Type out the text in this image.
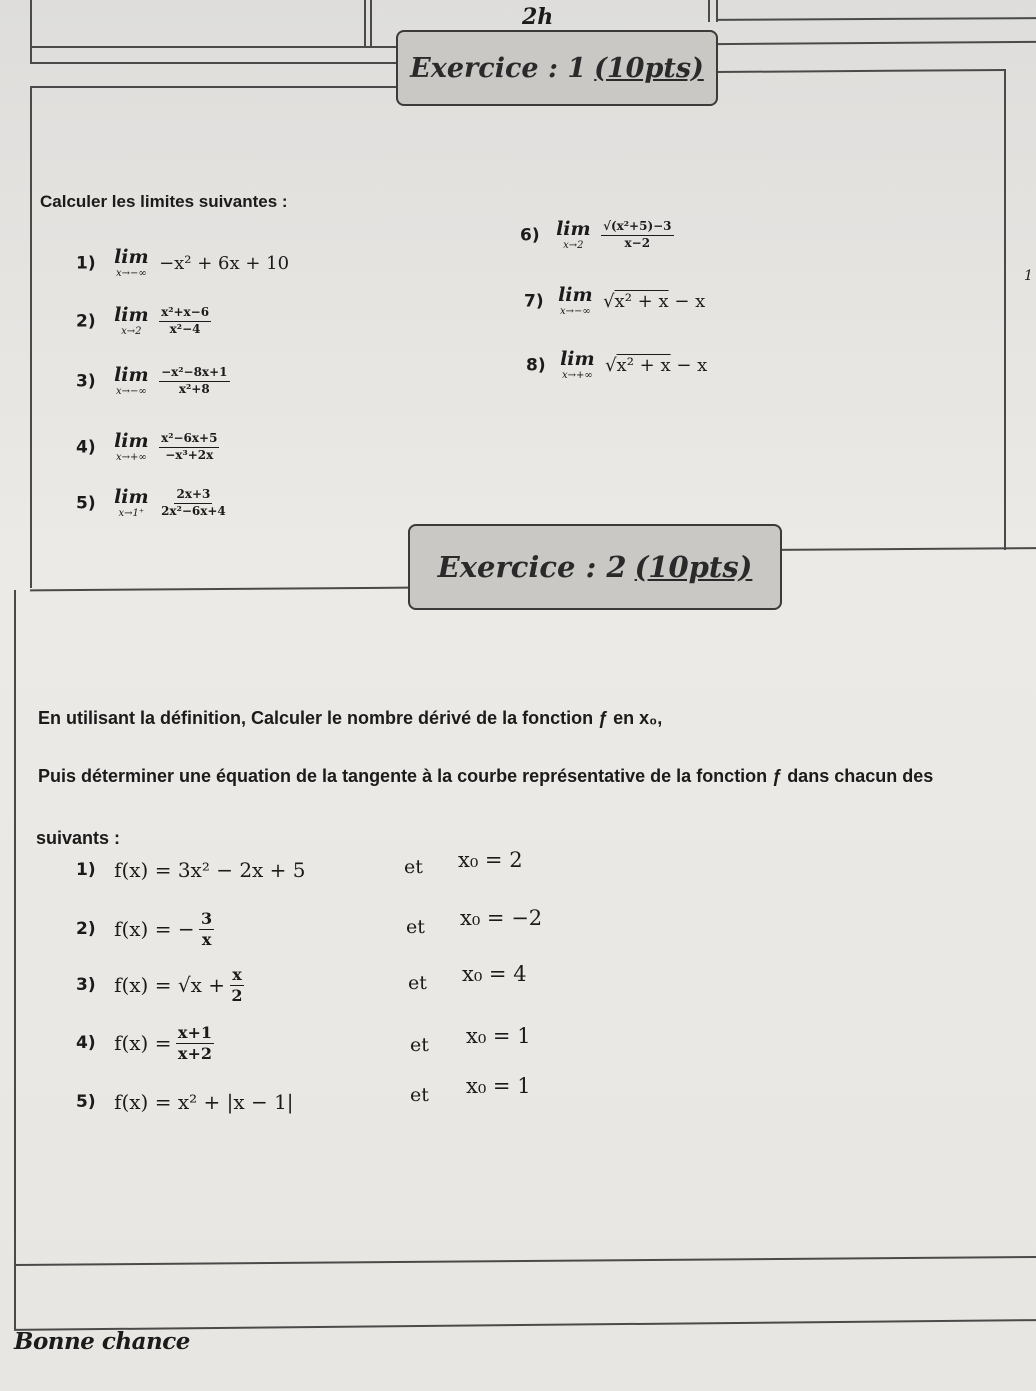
2h
Exercice : 1 (10pts)
Calculer les limites suivantes :
1
1) lim
x→−∞ −x² + 6x + 10
2) lim
x→2
$\frac{\text{x²+x−6}}{\text{x²−4}}$
3) lim
x→−∞
$\frac{\text{−x²−8x+1}}{\text{x²+8}}$
4) lim
x→+∞
$\frac{\text{x²−6x+5}}{\text{−x³+2x}}$
5) lim
x→1⁺
$\frac{2x+3}{\text{2x²−6x+4}}$
6) lim
x→2
$\frac{\text{√(x²+5)−3}}{x-2}$
7) lim
x→−∞ √x² + x − x
8) lim
x→+∞ √x² + x − x
Exercice : 2 (10pts)
En utilisant la définition, Calculer le nombre dérivé de la fonction ƒ en x₀,
Puis déterminer une équation de la tangente à la courbe représentative de la fonction ƒ dans chacun des
suivants :
1) f(x) = 3x² − 2x + 5	et x₀ = 2
2) f(x) = − $\frac{3}{x}$	et x₀ = −2
3) $f(x) = √x + \frac{x}{2}$	et x₀ = 4
4) $f(x) = \frac{x+1}{x+2}$	et x₀ = 1
5) f(x) = x² + |x − 1|	et x₀ = 1
Bonne chance
